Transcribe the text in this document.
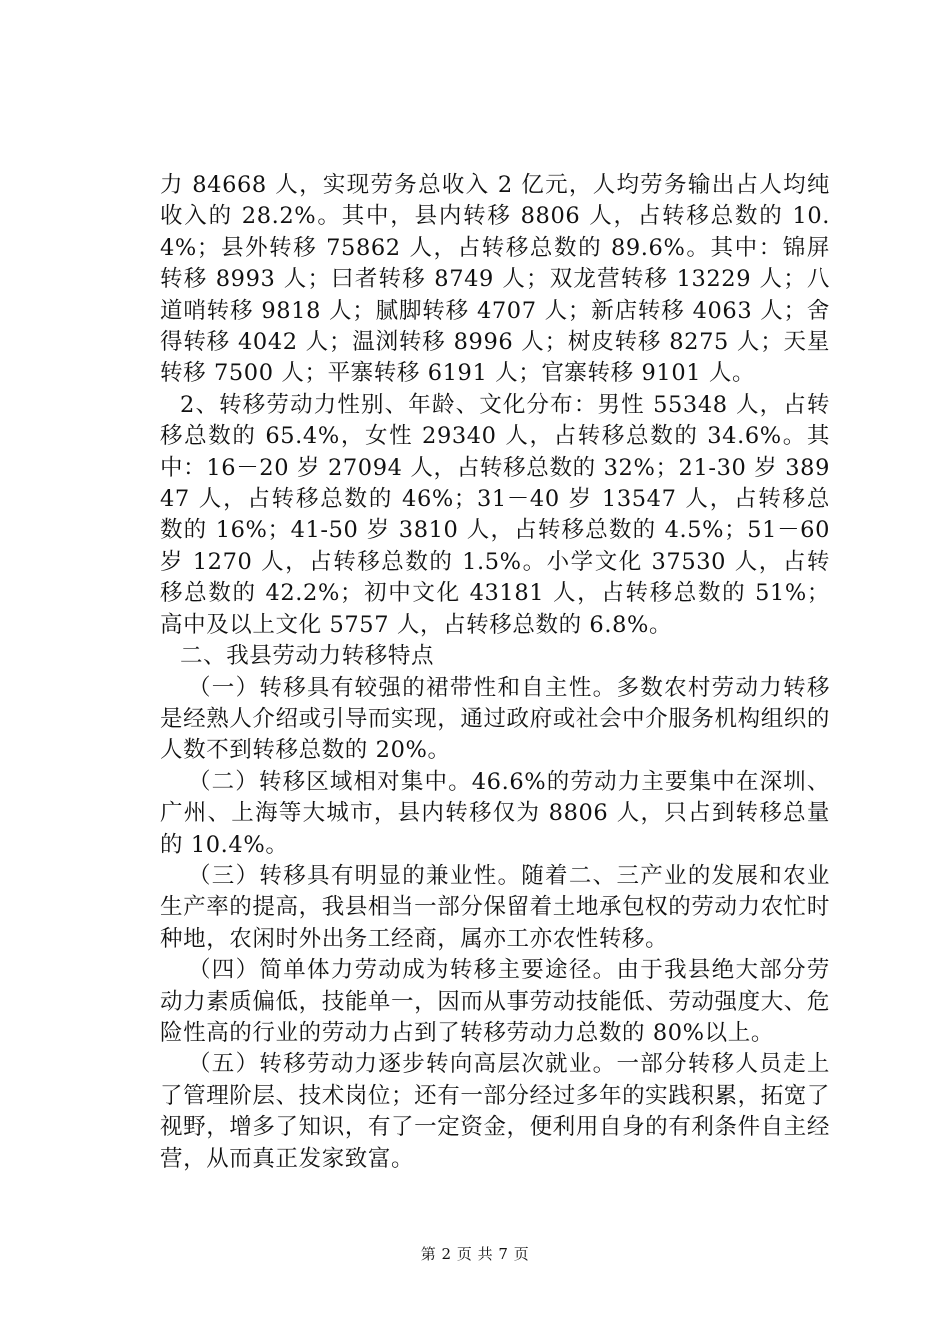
力 84668 人，实现劳务总收入 2 亿元，人均劳务输出占人均纯收入的 28.2%。其中，县内转移 8806 人，占转移总数的 10.4%；县外转移 75862 人，占转移总数的 89.6%。其中：锦屏转移 8993 人；曰者转移 8749 人；双龙营转移 13229 人；八道哨转移 9818 人；腻脚转移 4707 人；新店转移 4063 人；舍得转移 4042 人；温浏转移 8996 人；树皮转移 8275 人；天星转移 7500 人；平寨转移 6191 人；官寨转移 9101 人。

2、转移劳动力性别、年龄、文化分布：男性 55348 人，占转移总数的 65.4%，女性 29340 人，占转移总数的 34.6%。其中：16－20 岁 27094 人，占转移总数的 32%；21-30 岁 38947 人，占转移总数的 46%；31－40 岁 13547 人，占转移总数的 16%；41-50 岁 3810 人，占转移总数的 4.5%；51－60 岁 1270 人，占转移总数的 1.5%。小学文化 37530 人，占转移总数的 42.2%；初中文化 43181 人，占转移总数的 51%；高中及以上文化 5757 人，占转移总数的 6.8%。

二、我县劳动力转移特点

（一）转移具有较强的裙带性和自主性。多数农村劳动力转移是经熟人介绍或引导而实现，通过政府或社会中介服务机构组织的人数不到转移总数的 20%。

（二）转移区域相对集中。46.6%的劳动力主要集中在深圳、广州、上海等大城市，县内转移仅为 8806 人，只占到转移总量的 10.4%。

（三）转移具有明显的兼业性。随着二、三产业的发展和农业生产率的提高，我县相当一部分保留着土地承包权的劳动力农忙时种地，农闲时外出务工经商，属亦工亦农性转移。

（四）简单体力劳动成为转移主要途径。由于我县绝大部分劳动力素质偏低，技能单一，因而从事劳动技能低、劳动强度大、危险性高的行业的劳动力占到了转移劳动力总数的 80%以上。

（五）转移劳动力逐步转向高层次就业。一部分转移人员走上了管理阶层、技术岗位；还有一部分经过多年的实践积累，拓宽了视野，增多了知识，有了一定资金，便利用自身的有利条件自主经营，从而真正发家致富。

第 2 页 共 7 页
